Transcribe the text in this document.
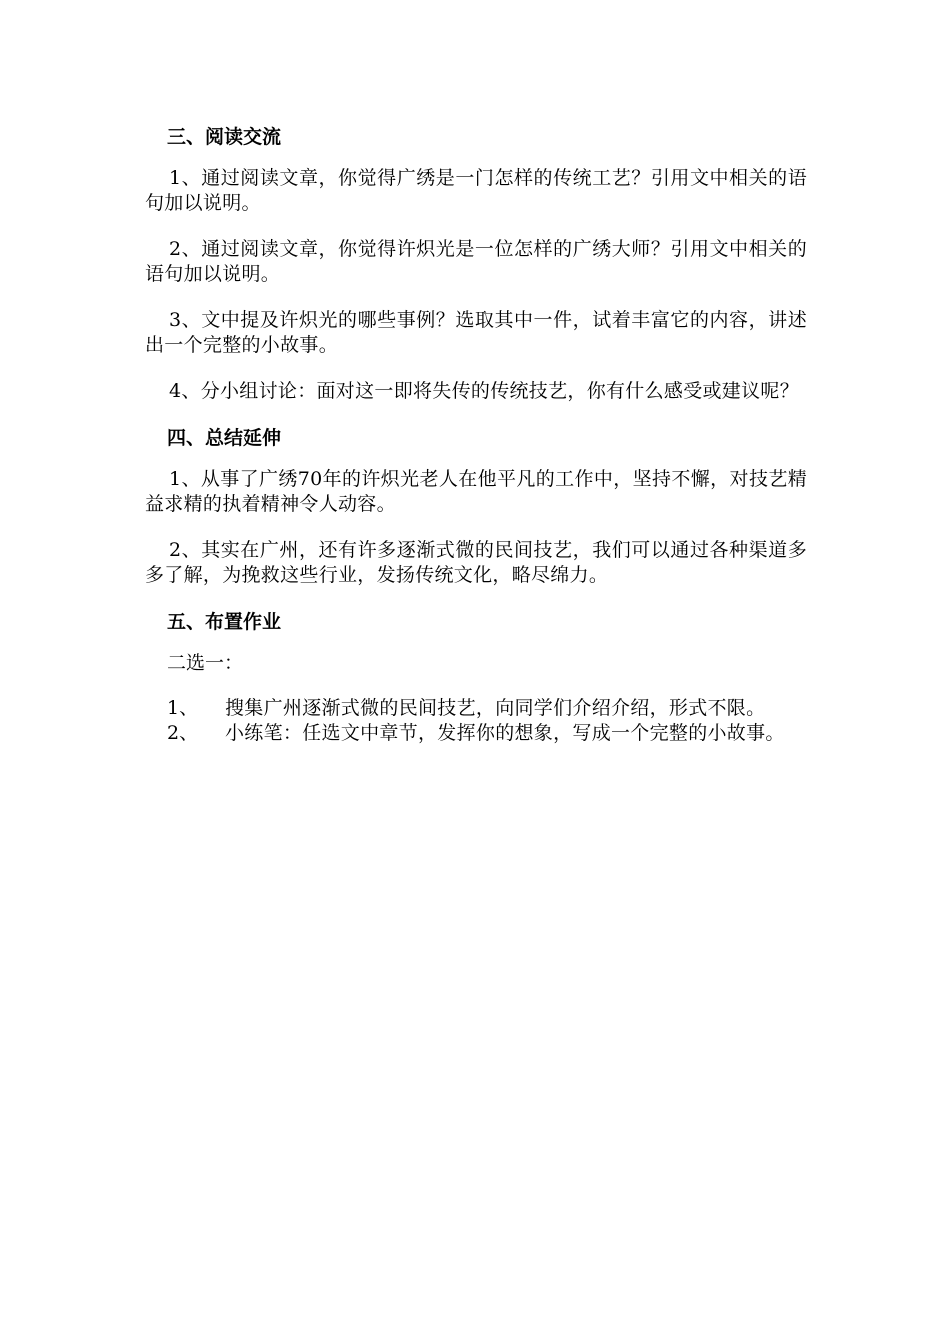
三、阅读交流

1、通过阅读文章，你觉得广绣是一门怎样的传统工艺？引用文中相关的语句加以说明。

2、通过阅读文章，你觉得许炽光是一位怎样的广绣大师？引用文中相关的语句加以说明。

3、文中提及许炽光的哪些事例？选取其中一件，试着丰富它的内容，讲述出一个完整的小故事。

4、分小组讨论：面对这一即将失传的传统技艺，你有什么感受或建议呢？

四、总结延伸

1、从事了广绣70年的许炽光老人在他平凡的工作中，坚持不懈，对技艺精益求精的执着精神令人动容。

2、其实在广州，还有许多逐渐式微的民间技艺，我们可以通过各种渠道多多了解，为挽救这些行业，发扬传统文化，略尽绵力。

五、布置作业
二选一：
1、	搜集广州逐渐式微的民间技艺，向同学们介绍介绍，形式不限。
2、	小练笔：任选文中章节，发挥你的想象，写成一个完整的小故事。
